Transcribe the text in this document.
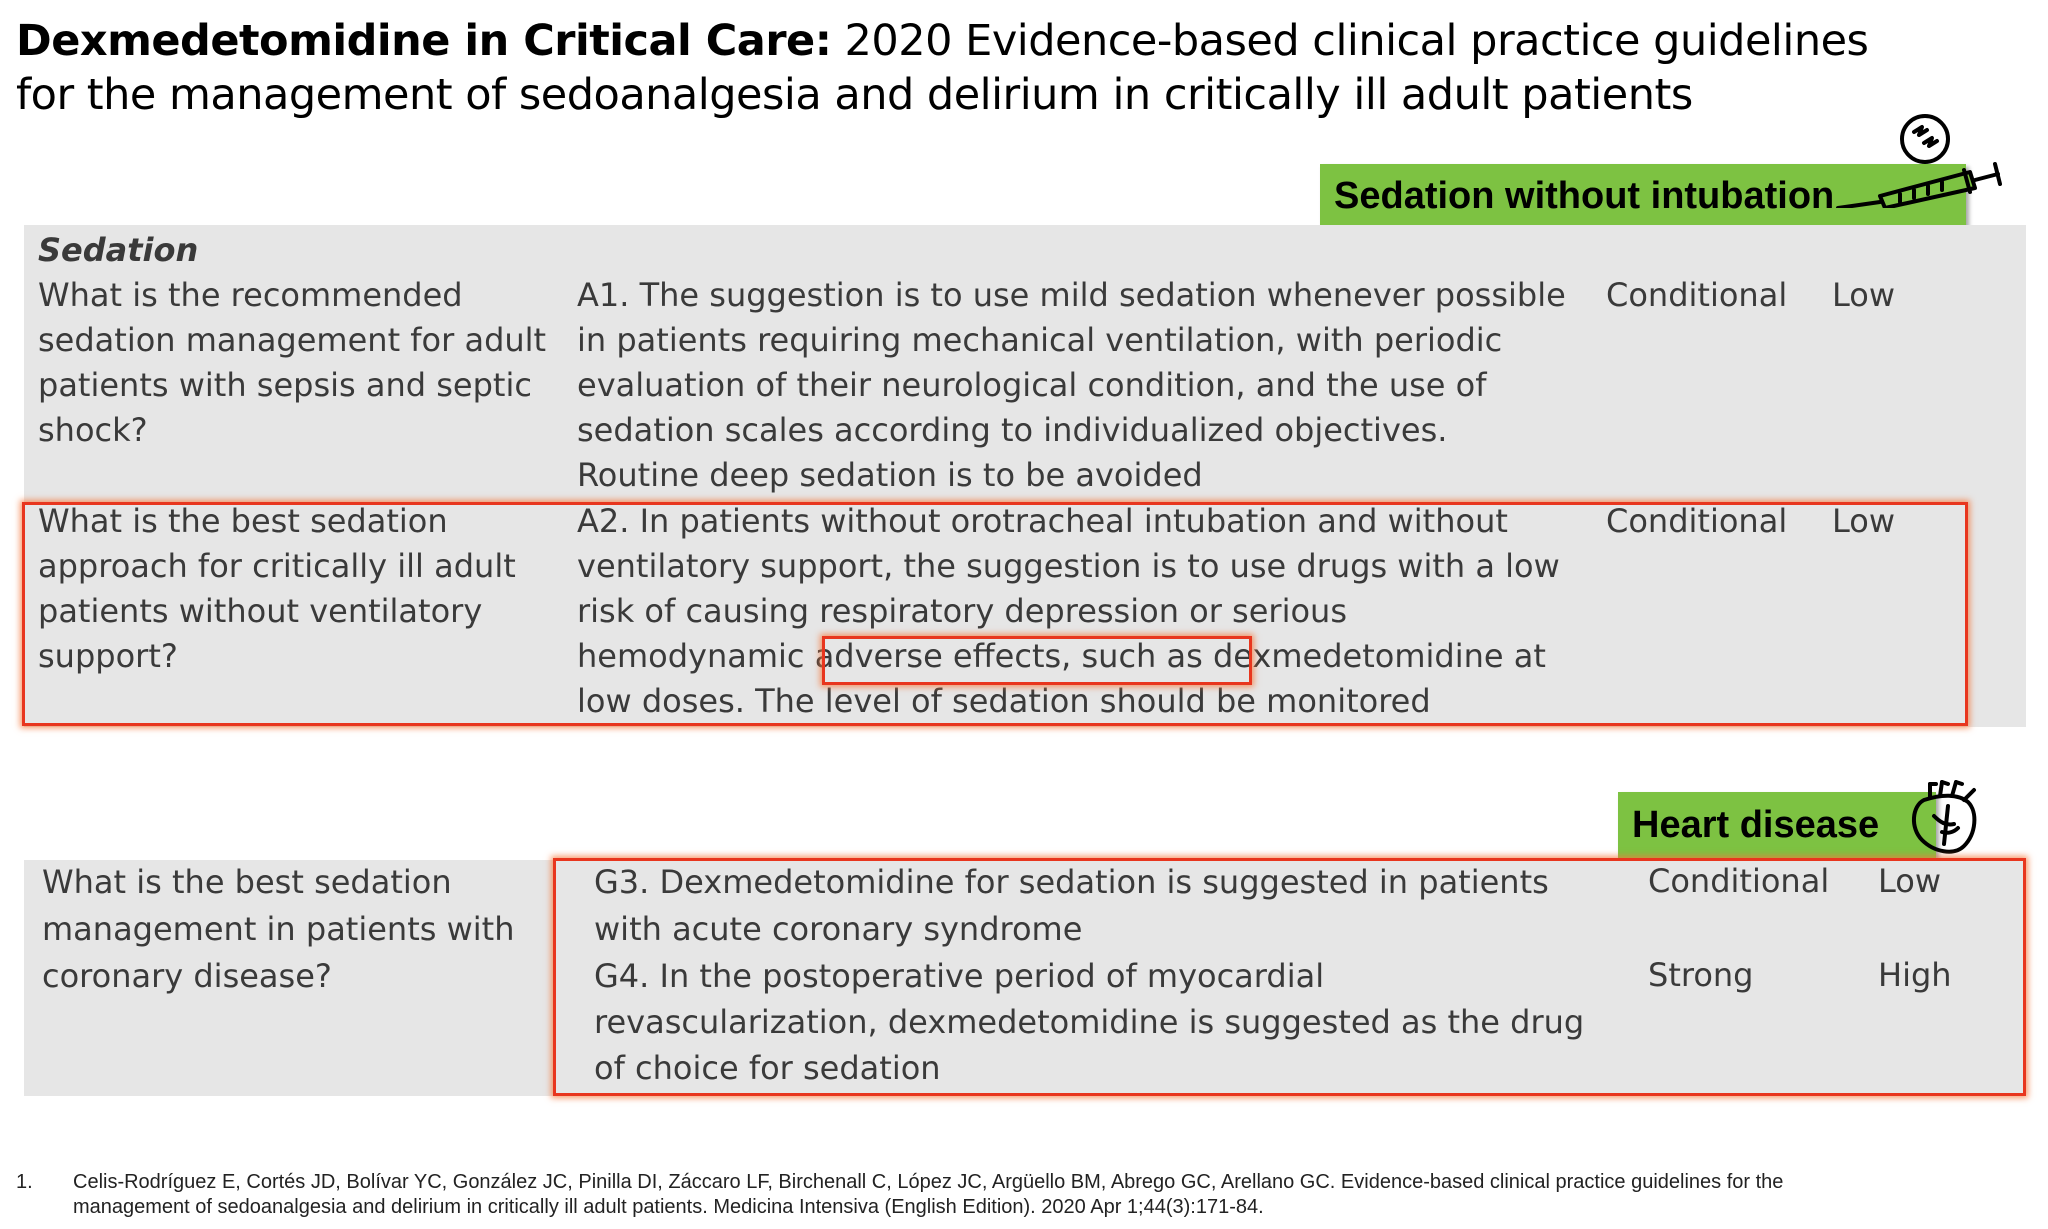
Dexmedetomidine in Critical Care: 2020 Evidence-based clinical practice guidelines for the management of sedoanalgesia and delirium in critically ill adult patients
Sedation without intubation
Sedation
What is the recommended sedation management for adult patients with sepsis and septic shock?
A1. The suggestion is to use mild sedation whenever possible in patients requiring mechanical ventilation, with periodic evaluation of their neurological condition, and the use of sedation scales according to individualized objectives. Routine deep sedation is to be avoided
Conditional Low
What is the best sedation approach for critically ill adult patients without ventilatory support?
A2. In patients without orotracheal intubation and without ventilatory support, the suggestion is to use drugs with a low risk of causing respiratory depression or serious hemodynamic adverse effects, such as dexmedetomidine at low doses. The level of sedation should be monitored
Conditional Low
Heart disease
What is the best sedation management in patients with coronary disease?
G3. Dexmedetomidine for sedation is suggested in patients with acute coronary syndrome
Conditional Low
G4. In the postoperative period of myocardial revascularization, dexmedetomidine is suggested as the drug of choice for sedation
Strong	High
1. Celis-Rodríguez E, Cortés JD, Bolívar YC, González JC, Pinilla DI, Záccaro LF, Birchenall C, López JC, Argüello BM, Abrego GC, Arellano GC. Evidence-based clinical practice guidelines for the management of sedoanalgesia and delirium in critically ill adult patients. Medicina Intensiva (English Edition). 2020 Apr 1;44(3):171-84.
